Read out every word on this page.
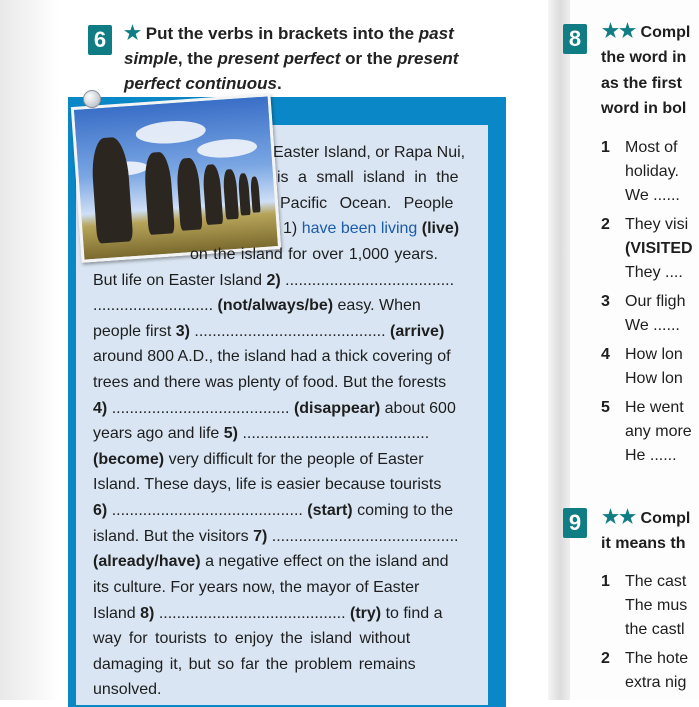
6 ★ Put the verbs in brackets into the past
simple, the present perfect or the present
perfect continuous.
Easter Island, or Rapa Nui,
is a small island in the
Pacific Ocean. People
1) have been living (live)
on the island for over 1,000 years.
But life on Easter Island 2) ......................................
........................... (not/always/be) easy. When
people first 3) ........................................... (arrive)
around 800 A.D., the island had a thick covering of
trees and there was plenty of food. But the forests
4) ........................................ (disappear) about 600
years ago and life 5) ..........................................
(become) very difficult for the people of Easter
Island. These days, life is easier because tourists
6) ........................................... (start) coming to the
island. But the visitors 7) ..........................................
(already/have) a negative effect on the island and
its culture. For years now, the mayor of Easter
Island 8) .......................................... (try) to find a
way for tourists to enjoy the island without
damaging it, but so far the problem remains
unsolved.
8	★★ Compl
the word in
as the first
word in bol
1 Most of
holiday.
We ......
2 They visi
(VISITED
They ....
3 Our fligh
We ......
4 How lon
How lon
5 He went
any more
He ......
9	★★ Compl
it means th
1 The cast
The mus
the castl
2 The hote
extra nig
